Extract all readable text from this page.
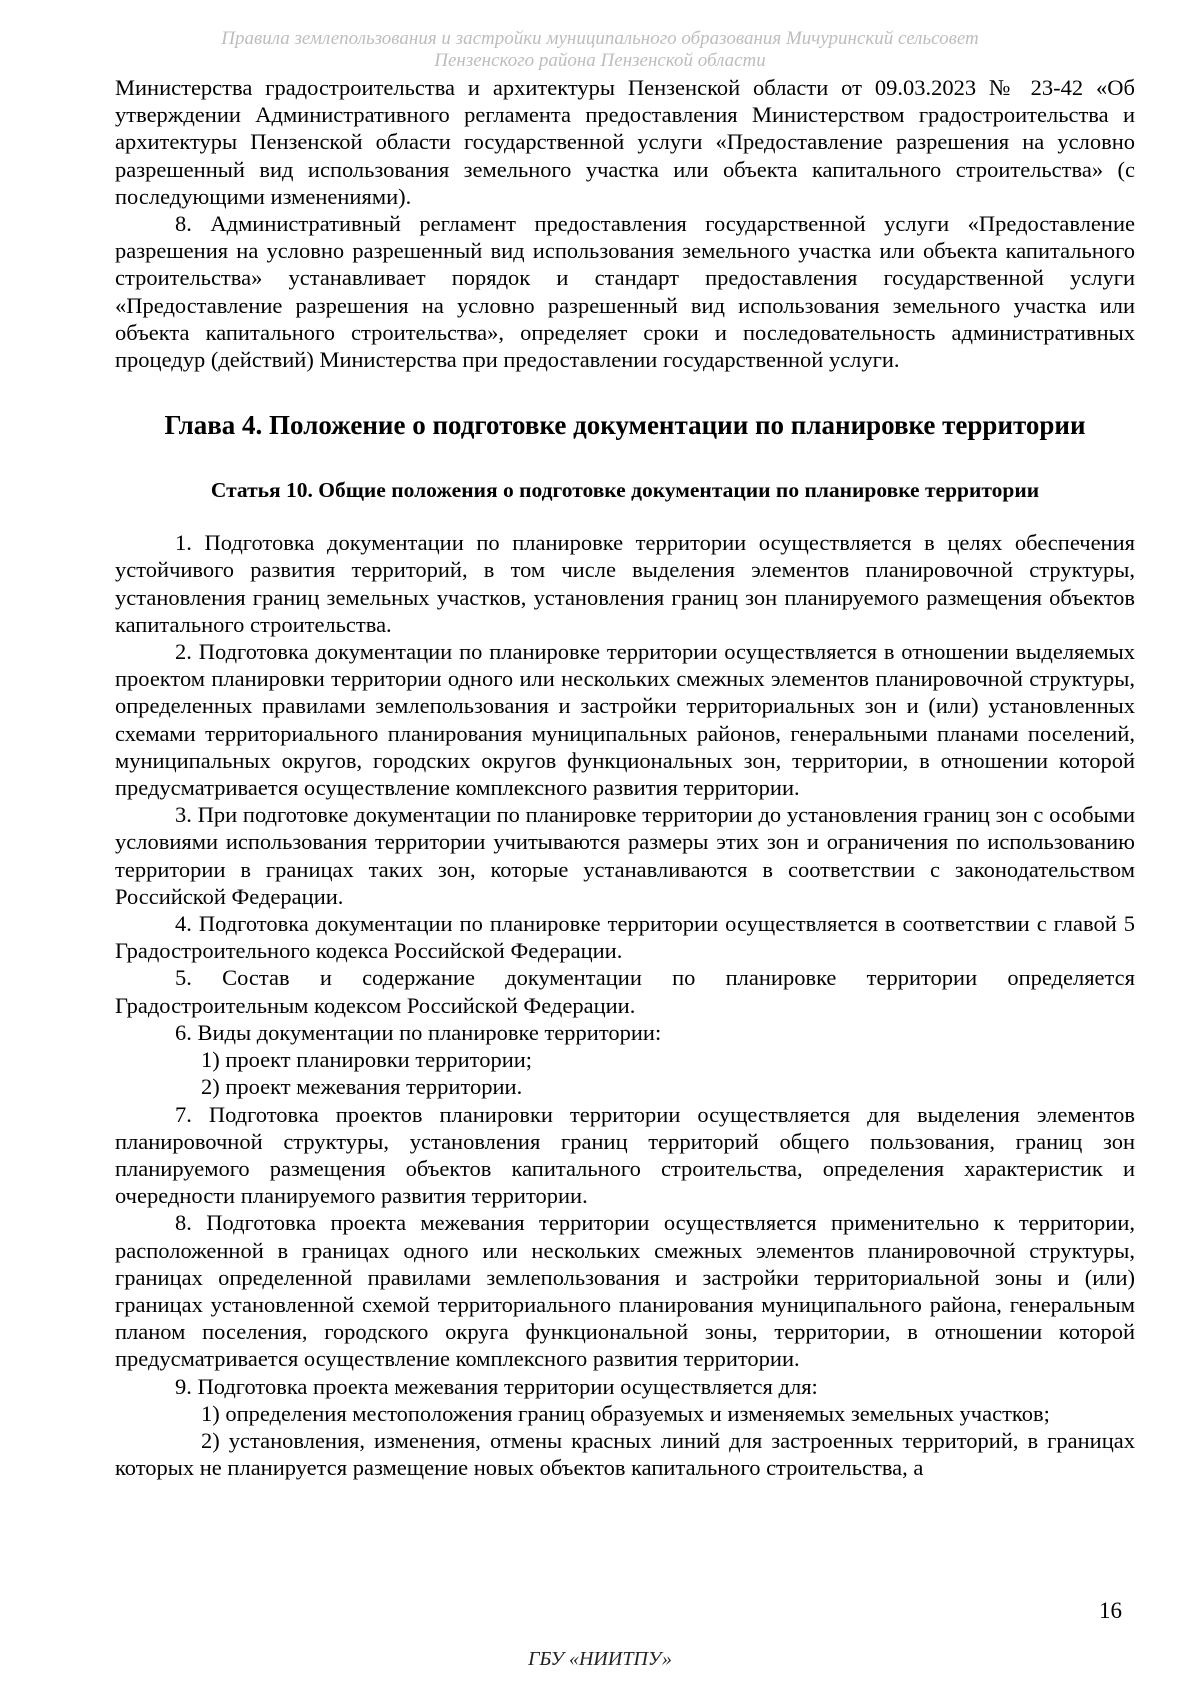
Правила землепользования и застройки муниципального образования Мичуринский сельсовет
Пензенского района Пензенской области

Министерства градостроительства и архитектуры Пензенской области от 09.03.2023 № 23-42 «Об утверждении Административного регламента предоставления Министерством градостроительства и архитектуры Пензенской области государственной услуги «Предоставление разрешения на условно разрешенный вид использования земельного участка или объекта капитального строительства» (с последующими изменениями).

8. Административный регламент предоставления государственной услуги «Предоставление разрешения на условно разрешенный вид использования земельного участка или объекта капитального строительства» устанавливает порядок и стандарт предоставления государственной услуги «Предоставление разрешения на условно разрешенный вид использования земельного участка или объекта капитального строительства», определяет сроки и последовательность административных процедур (действий) Министерства при предоставлении государственной услуги.

Глава 4. Положение о подготовке документации по планировке территории
Статья 10. Общие положения о подготовке документации по планировке территории

1. Подготовка документации по планировке территории осуществляется в целях обеспечения устойчивого развития территорий, в том числе выделения элементов планировочной структуры, установления границ земельных участков, установления границ зон планируемого размещения объектов капитального строительства.

2. Подготовка документации по планировке территории осуществляется в отношении выделяемых проектом планировки территории одного или нескольких смежных элементов планировочной структуры, определенных правилами землепользования и застройки территориальных зон и (или) установленных схемами территориального планирования муниципальных районов, генеральными планами поселений, муниципальных округов, городских округов функциональных зон, территории, в отношении которой предусматривается осуществление комплексного развития территории.

3. При подготовке документации по планировке территории до установления границ зон с особыми условиями использования территории учитываются размеры этих зон и ограничения по использованию территории в границах таких зон, которые устанавливаются в соответствии с законодательством Российской Федерации.

4. Подготовка документации по планировке территории осуществляется в соответствии с главой 5 Градостроительного кодекса Российской Федерации.

5. Состав и содержание документации по планировке территории определяется Градостроительным кодексом Российской Федерации.

6. Виды документации по планировке территории:

1) проект планировки территории;

2) проект межевания территории.

7. Подготовка проектов планировки территории осуществляется для выделения элементов планировочной структуры, установления границ территорий общего пользования, границ зон планируемого размещения объектов капитального строительства, определения характеристик и очередности планируемого развития территории.

8. Подготовка проекта межевания территории осуществляется применительно к территории, расположенной в границах одного или нескольких смежных элементов планировочной структуры, границах определенной правилами землепользования и застройки территориальной зоны и (или) границах установленной схемой территориального планирования муниципального района, генеральным планом поселения, городского округа функциональной зоны, территории, в отношении которой предусматривается осуществление комплексного развития территории.

9. Подготовка проекта межевания территории осуществляется для:

1) определения местоположения границ образуемых и изменяемых земельных участков;

2) установления, изменения, отмены красных линий для застроенных территорий, в границах которых не планируется размещение новых объектов капитального строительства, а

16
ГБУ «НИИТПУ»
